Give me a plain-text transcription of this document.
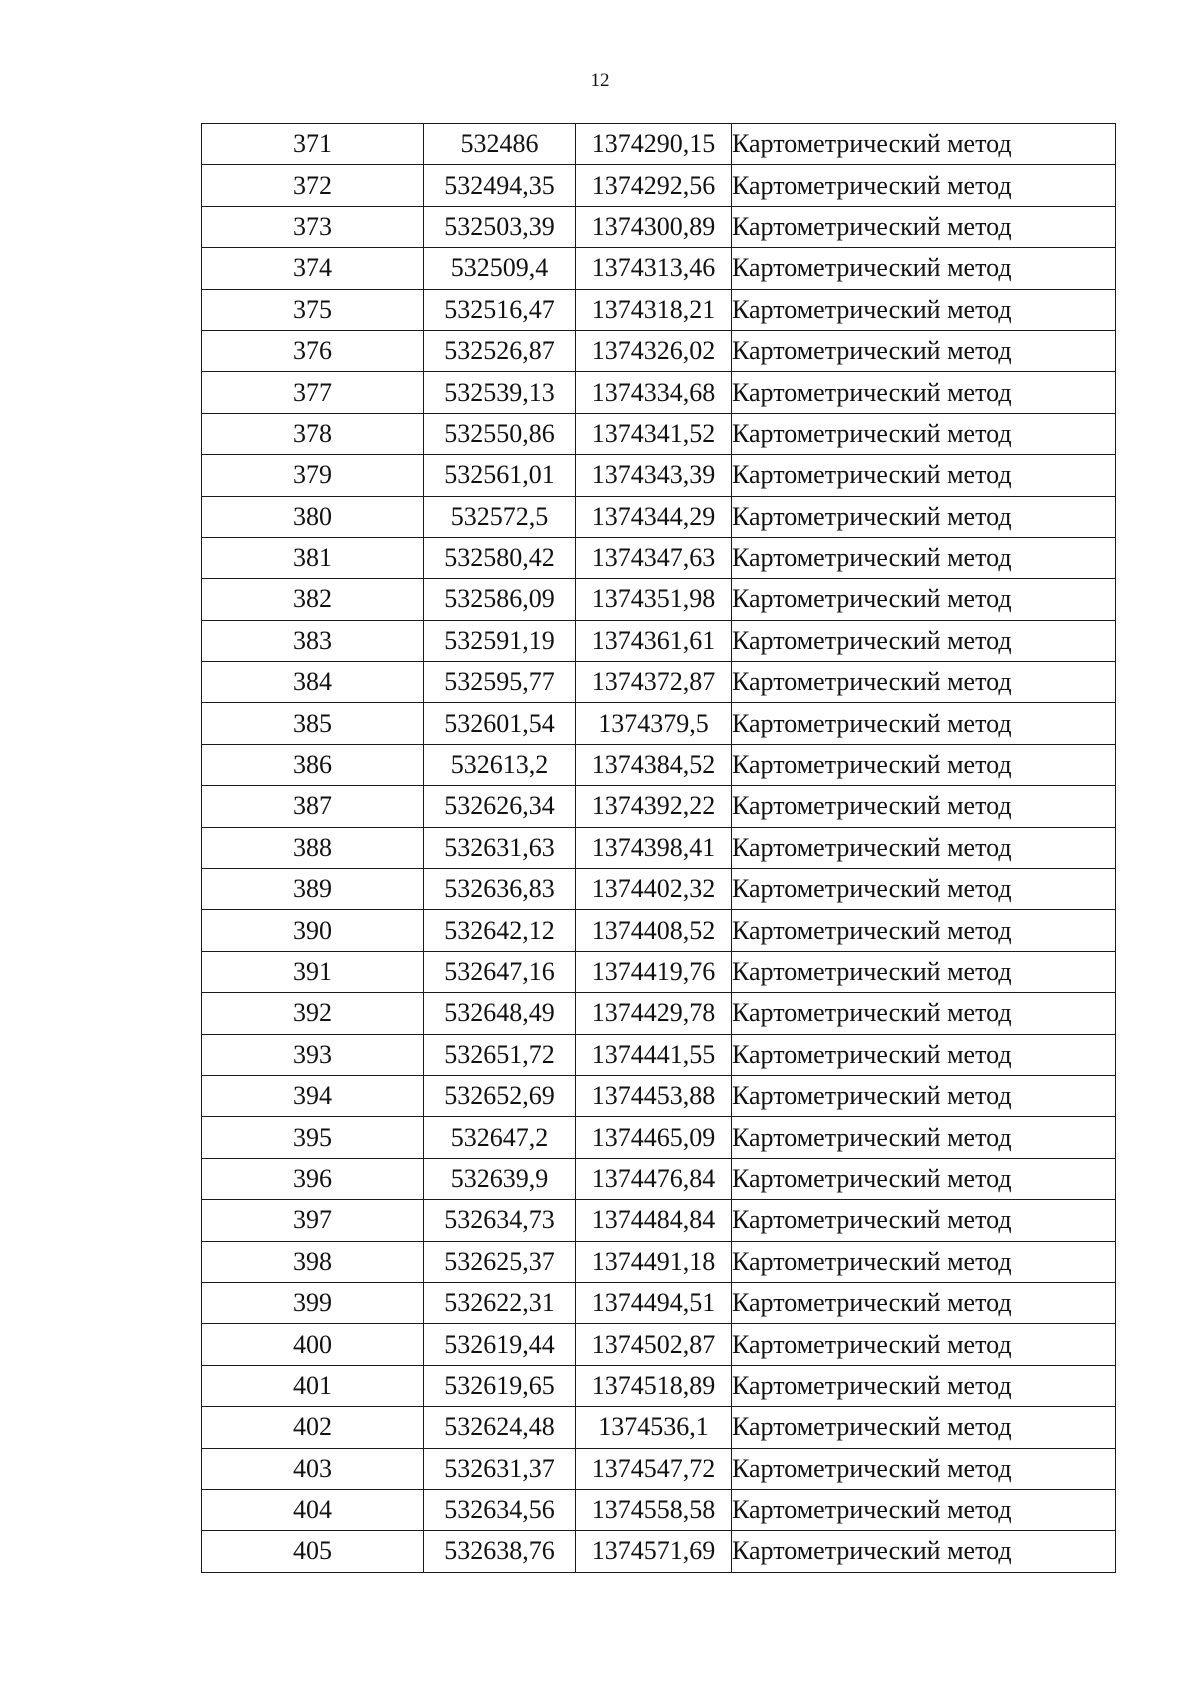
12
371	532486	1374290,15	Картометрический метод
372	532494,35	1374292,56	Картометрический метод
373	532503,39	1374300,89	Картометрический метод
374	532509,4	1374313,46	Картометрический метод
375	532516,47	1374318,21	Картометрический метод
376	532526,87	1374326,02	Картометрический метод
377	532539,13	1374334,68	Картометрический метод
378	532550,86	1374341,52	Картометрический метод
379	532561,01	1374343,39	Картометрический метод
380	532572,5	1374344,29	Картометрический метод
381	532580,42	1374347,63	Картометрический метод
382	532586,09	1374351,98	Картометрический метод
383	532591,19	1374361,61	Картометрический метод
384	532595,77	1374372,87	Картометрический метод
385	532601,54	1374379,5	Картометрический метод
386	532613,2	1374384,52	Картометрический метод
387	532626,34	1374392,22	Картометрический метод
388	532631,63	1374398,41	Картометрический метод
389	532636,83	1374402,32	Картометрический метод
390	532642,12	1374408,52	Картометрический метод
391	532647,16	1374419,76	Картометрический метод
392	532648,49	1374429,78	Картометрический метод
393	532651,72	1374441,55	Картометрический метод
394	532652,69	1374453,88	Картометрический метод
395	532647,2	1374465,09	Картометрический метод
396	532639,9	1374476,84	Картометрический метод
397	532634,73	1374484,84	Картометрический метод
398	532625,37	1374491,18	Картометрический метод
399	532622,31	1374494,51	Картометрический метод
400	532619,44	1374502,87	Картометрический метод
401	532619,65	1374518,89	Картометрический метод
402	532624,48	1374536,1	Картометрический метод
403	532631,37	1374547,72	Картометрический метод
404	532634,56	1374558,58	Картометрический метод
405	532638,76	1374571,69	Картометрический метод
